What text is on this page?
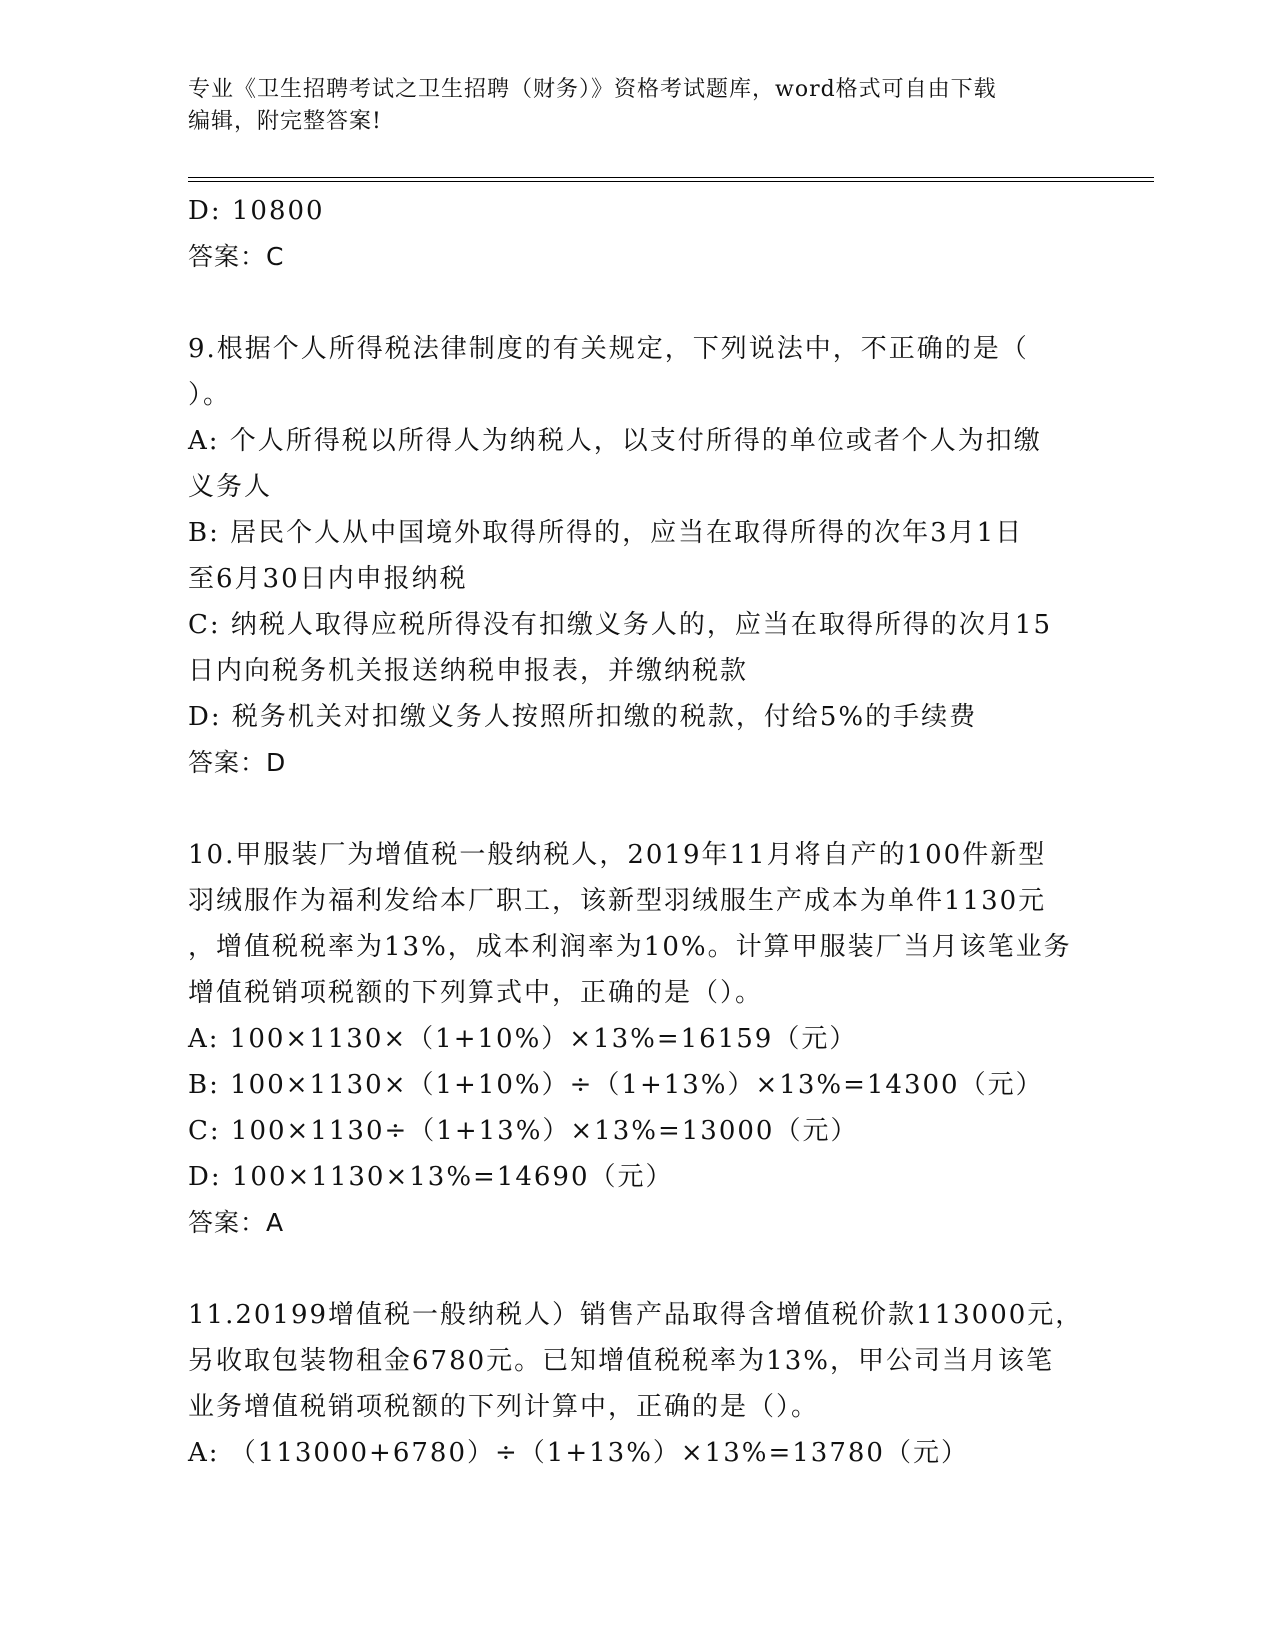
专业《卫生招聘考试之卫生招聘（财务）》资格考试题库，word格式可自由下载
编辑，附完整答案!
D: 10800
答案：C
9.根据个人所得税法律制度的有关规定，下列说法中，不正确的是（
）。
A: 个人所得税以所得人为纳税人，以支付所得的单位或者个人为扣缴
义务人
B: 居民个人从中国境外取得所得的，应当在取得所得的次年3月1日
至6月30日内申报纳税
C: 纳税人取得应税所得没有扣缴义务人的，应当在取得所得的次月15
日内向税务机关报送纳税申报表，并缴纳税款
D: 税务机关对扣缴义务人按照所扣缴的税款，付给5%的手续费
答案：D
10.甲服装厂为增值税一般纳税人，2019年11月将自产的100件新型
羽绒服作为福利发给本厂职工，该新型羽绒服生产成本为单件1130元
，增值税税率为13%，成本利润率为10%。计算甲服装厂当月该笔业务
增值税销项税额的下列算式中，正确的是（）。
A: 100×1130×（1+10%）×13%=16159（元）
B: 100×1130×（1+10%）÷（1+13%）×13%=14300（元）
C: 100×1130÷（1+13%）×13%=13000（元）
D: 100×1130×13%=14690（元）
答案：A
11.20199增值税一般纳税人）销售产品取得含增值税价款113000元，
另收取包装物租金6780元。已知增值税税率为13%，甲公司当月该笔
业务增值税销项税额的下列计算中，正确的是（）。
A: （113000+6780）÷（1+13%）×13%=13780（元）
